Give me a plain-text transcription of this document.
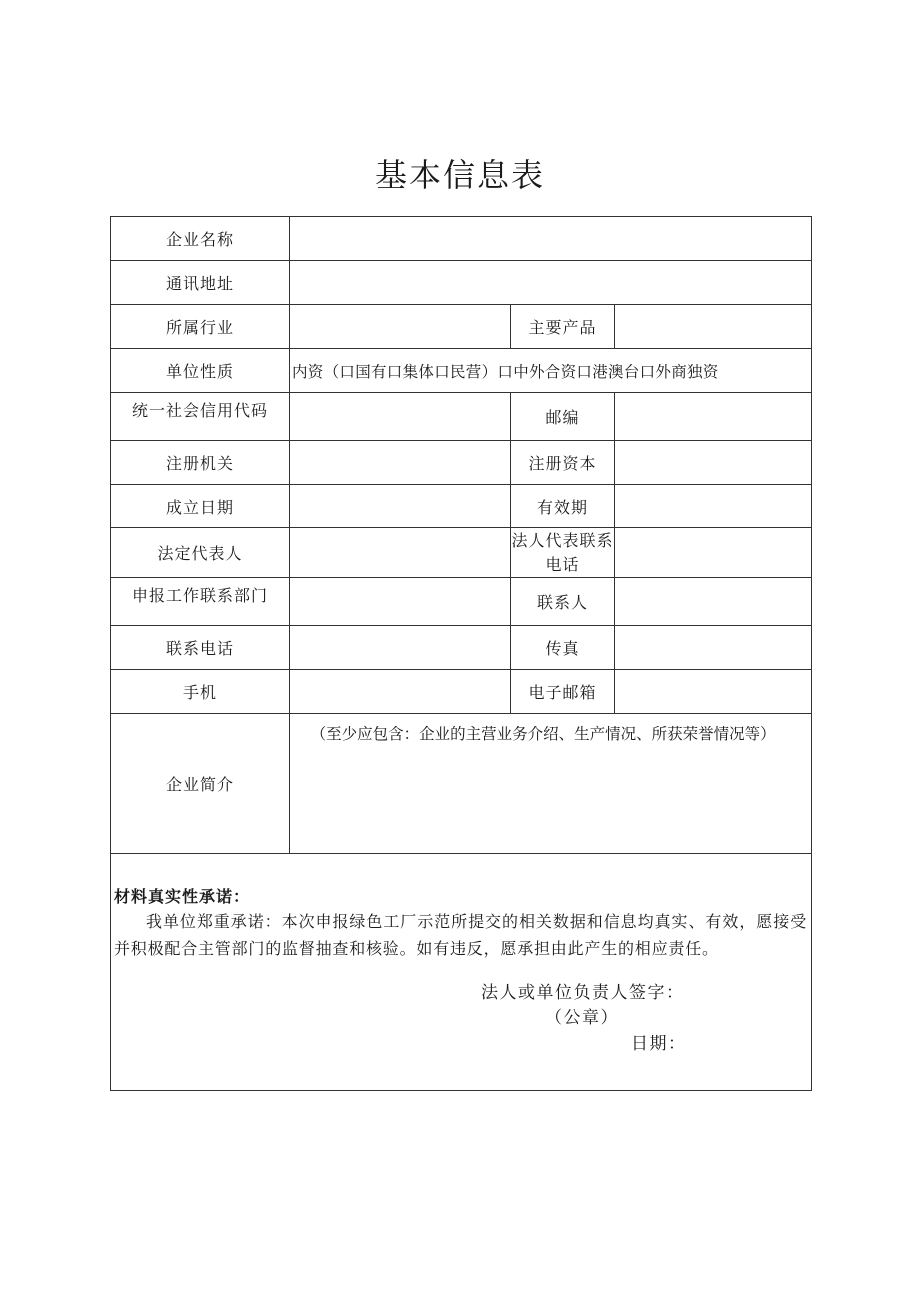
基本信息表
企业名称			
通讯地址			
所属行业		主要产品	
单位性质	内资（口国有口集体口民营）口中外合资口港澳台口外商独资		
统一社会信用代码		邮编	
注册机关		注册资本	
成立日期		有效期	
法定代表人		法人代表联系
电话	

申报工作联系部门		联系人	
联系电话		传真	
手机		电子邮箱	
企业简介	（至少应包含：企业的主营业务介绍、生产情况、所获荣誉情况等）		

材料真实性承诺：
我单位郑重承诺：本次申报绿色工厂示范所提交的相关数据和信息均真实、有效，愿接受并积极配合主管部门的监督抽查和核验。如有违反，愿承担由此产生的相应责任。
法人或单位负责人签字：
（公章）
日期：			
